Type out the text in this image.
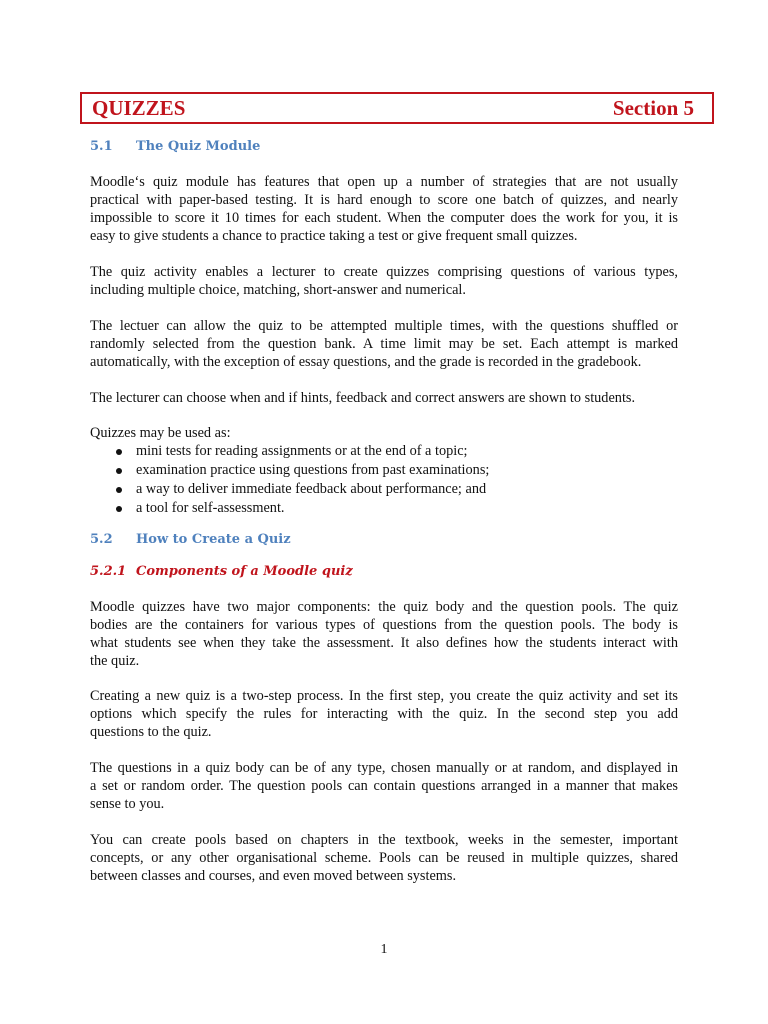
QUIZZES	Section 5
5.1 The Quiz Module
Moodle‘s quiz module has features that open up a number of strategies that are not usually
practical with paper-based testing. It is hard enough to score one batch of quizzes, and nearly
impossible to score it 10 times for each student. When the computer does the work for you, it is
easy to give students a chance to practice taking a test or give frequent small quizzes.
The quiz activity enables a lecturer to create quizzes comprising questions of various types,
including multiple choice, matching, short-answer and numerical.
The lectuer can allow the quiz to be attempted multiple times, with the questions shuffled or
randomly selected from the question bank. A time limit may be set. Each attempt is marked
automatically, with the exception of essay questions, and the grade is recorded in the gradebook.
The lecturer can choose when and if hints, feedback and correct answers are shown to students.
Quizzes may be used as:
mini tests for reading assignments or at the end of a topic;
examination practice using questions from past examinations;
a way to deliver immediate feedback about performance; and
a tool for self-assessment.
5.2 How to Create a Quiz
5.2.1 Components of a Moodle quiz
Moodle quizzes have two major components: the quiz body and the question pools. The quiz
bodies are the containers for various types of questions from the question pools. The body is
what students see when they take the assessment. It also defines how the students interact with
the quiz.
Creating a new quiz is a two-step process. In the first step, you create the quiz activity and set its
options which specify the rules for interacting with the quiz. In the second step you add
questions to the quiz.
The questions in a quiz body can be of any type, chosen manually or at random, and displayed in
a set or random order. The question pools can contain questions arranged in a manner that makes
sense to you.
You can create pools based on chapters in the textbook, weeks in the semester, important
concepts, or any other organisational scheme. Pools can be reused in multiple quizzes, shared
between classes and courses, and even moved between systems.
1
